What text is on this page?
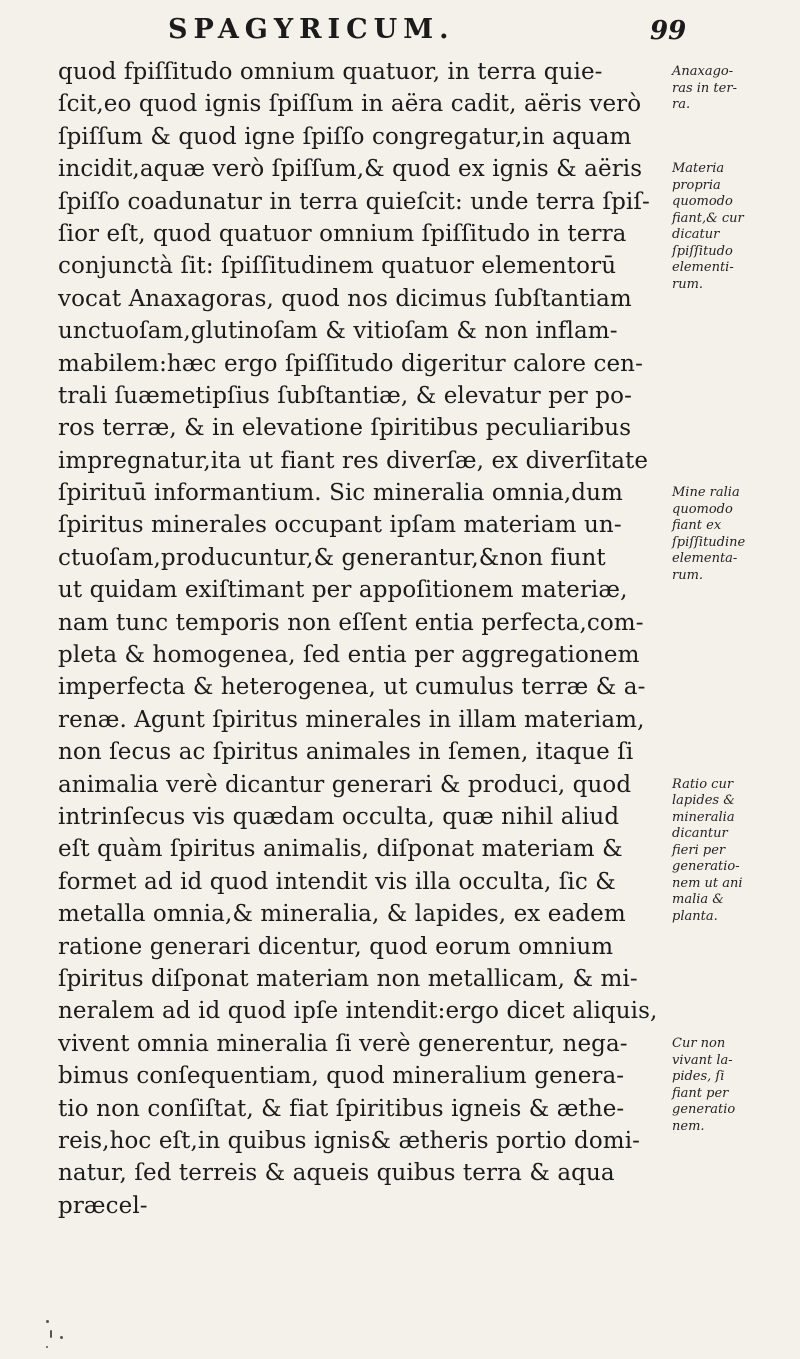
SPAGYRICUM.	99
quod fpiſſitudo omnium quatuor, in terra quie-
ſcit,eo quod ignis ſpiſſum in aëra cadit, aëris verò
ſpiſſum & quod igne ſpiſſo congregatur,in aquam
incidit,aquæ verò ſpiſſum,& quod ex ignis & aëris
ſpiſſo coadunatur in terra quieſcit: unde terra ſpiſ-
ſior eſt, quod quatuor omnium ſpiſſitudo in terra
conjunctà ſit: ſpiſſitudinem quatuor elementorū
vocat Anaxagoras, quod nos dicimus ſubſtantiam
unctuoſam,glutinoſam & vitioſam & non inflam-
mabilem:hæc ergo ſpiſſitudo digeritur calore cen-
trali ſuæmetipſius ſubſtantiæ, & elevatur per po-
ros terræ, & in elevatione ſpiritibus peculiaribus
impregnatur,ita ut fiant res diverſæ, ex diverſitate
ſpirituū informantium. Sic mineralia omnia,dum
ſpiritus minerales occupant ipſam materiam un-
ctuoſam,producuntur,& generantur,&non fiunt
ut quidam exiſtimant per appoſitionem materiæ,
nam tunc temporis non eſſent entia perfecta,com-
pleta & homogenea, ſed entia per aggregationem
imperfecta & heterogenea, ut cumulus terræ & a-
renæ. Agunt ſpiritus minerales in illam materiam,
non ſecus ac ſpiritus animales in ſemen, itaque ſi
animalia verè dicantur generari & produci, quod
intrinſecus vis quædam occulta, quæ nihil aliud
eſt quàm ſpiritus animalis, diſponat materiam &
formet ad id quod intendit vis illa occulta, ſic &
metalla omnia,& mineralia, & lapides, ex eadem
ratione generari dicentur, quod eorum omnium
ſpiritus diſponat materiam non metallicam, & mi-
neralem ad id quod ipſe intendit:ergo dicet aliquis,
vivent omnia mineralia ſi verè generentur, nega-
bimus conſequentiam, quod mineralium genera-
tio non conſiſtat, & fiat ſpiritibus igneis & æthe-
reis,hoc eſt,in quibus ignis& ætheris portio domi-
natur, ſed terreis & aqueis quibus terra & aqua
præcel-
Anaxago-
ras in ter-
ra.
Materia
propria
quomodo
fiant,& cur
dicatur
ſpiſſitudo
elementi-
rum.
Mine ralia
quomodo
fiant ex
ſpiſſitudine
elementa-
rum.
Ratio cur
lapides &
mineralia
dicantur
fieri per
generatio-
nem ut ani
malia &
planta.
Cur non
vivant la-
pides, ſi
fiant per
generatio
nem.
